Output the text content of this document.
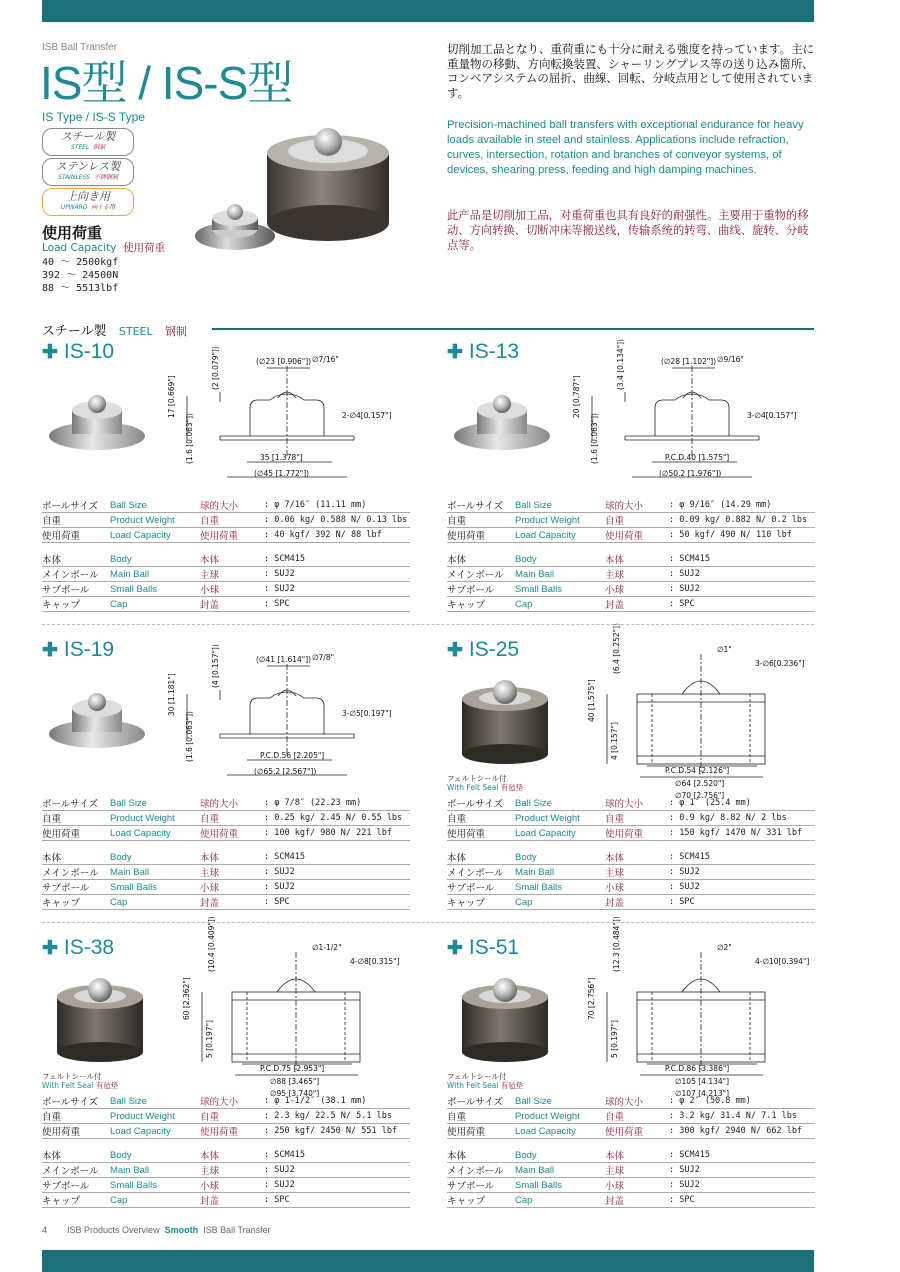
ISB Ball Transfer
IS型 / IS-S型
IS Type / IS-S Type
スチール製
STEEL 钢制
ステンレス製
STAINLESS 不锈钢制
上向き用
UPWARD 向上专用
使用荷重
Load Capacity 使用荷重
40 ～ 2500kgf
392 ～ 24500N
88 ～ 5513lbf
切削加工品となり、重荷重にも十分に耐える強度を持っています。主に重量物の移動、方向転換装置、シャーリングプレス等の送り込み箇所、コンベアシステムの屈折、曲線、回転、分岐点用として使用されています。
Precision-machined ball transfers with exceptional endurance for heavy loads available in steel and stainless. Applications include refraction, curves, intersection, rotation and branches of conveyor systems, of devices, shearing press, feeding and high damping machines.
此产品是切削加工品，对重荷重也具有良好的耐强性。主要用于重物的移动、方向转换、切断冲床等搬送线，传输系统的转弯、曲线、旋转、分岐点等。
スチール製 STEEL 钢制
✚ IS-10	(∅23 [0.906"]) ∅7/16"
2-∅4[0.157"]
17 [0.669"]
(2 [0.079"])
(1.6 [0.063"])	35 [1.378"]
(∅45 [1.772"])
ボールサイズ	Ball Size	球的大小	: φ 7/16″ (11.11 mm)
自重	Product Weight	自重	: 0.06 kg/ 0.588 N/ 0.13 lbs
使用荷重	Load Capacity	使用荷重	: 40 kgf/ 392 N/ 88 lbf
本体	Body	本体	: SCM415
メインボール	Main Ball	主球	: SUJ2
サブボール	Small Balls	小球	: SUJ2
キャップ	Cap	封盖	: SPC
✚ IS-13	(∅28 [1.102"]) ∅9/16"
3-∅4[0.157"]
20 [0.787"]
(3.4 [0.134"])
(1.6 [0.063"])	P.C.D.40 [1.575"]
(∅50.2 [1.976"])
ボールサイズ	Ball Size	球的大小	: φ 9/16″ (14.29 mm)
自重	Product Weight	自重	: 0.09 kg/ 0.882 N/ 0.2 lbs
使用荷重	Load Capacity	使用荷重	: 50 kgf/ 490 N/ 110 lbf
本体	Body	本体	: SCM415
メインボール	Main Ball	主球	: SUJ2
サブボール	Small Balls	小球	: SUJ2
キャップ	Cap	封盖	: SPC
✚ IS-19	(∅41 [1.614"]) ∅7/8"
3-∅5[0.197"]
30 [1.181"]
(4 [0.157"])
(1.6 [0.063"])	P.C.D.56 [2.205"]
(∅65.2 [2.567"])
ボールサイズ	Ball Size	球的大小	: φ 7/8″ (22.23 mm)
自重	Product Weight	自重	: 0.25 kg/ 2.45 N/ 0.55 lbs
使用荷重	Load Capacity	使用荷重	: 100 kgf/ 980 N/ 221 lbf
本体	Body	本体	: SCM415
メインボール	Main Ball	主球	: SUJ2
サブボール	Small Balls	小球	: SUJ2
キャップ	Cap	封盖	: SPC
✚ IS-25	∅1"
3-∅6[0.236"]
40 [1.575"]
(6.4 [0.252"])
4 [0.157"]
P.C.D.54 [2.126"]
∅64 [2.520"]
∅70 [2.756"]
フェルトシール付
With Felt Seal 有毡垫
ボールサイズ	Ball Size	球的大小	: φ 1″ (25.4 mm)
自重	Product Weight	自重	: 0.9 kg/ 8.82 N/ 2 lbs
使用荷重	Load Capacity	使用荷重	: 150 kgf/ 1470 N/ 331 lbf
本体	Body	本体	: SCM415
メインボール	Main Ball	主球	: SUJ2
サブボール	Small Balls	小球	: SUJ2
キャップ	Cap	封盖	: SPC
✚ IS-38	∅1-1/2"
4-∅8[0.315"]
60 [2.362"]
(10.4 [0.409"])
5 [0.197"]
P.C.D.75 [2.953"]
∅88 [3.465"]
∅95 [3.740"]
フェルトシール付
With Felt Seal 有毡垫
ボールサイズ	Ball Size	球的大小	: φ 1-1/2″ (38.1 mm)
自重	Product Weight	自重	: 2.3 kg/ 22.5 N/ 5.1 lbs
使用荷重	Load Capacity	使用荷重	: 250 kgf/ 2450 N/ 551 lbf
本体	Body	本体	: SCM415
メインボール	Main Ball	主球	: SUJ2
サブボール	Small Balls	小球	: SUJ2
キャップ	Cap	封盖	: SPC
✚ IS-51	∅2"
4-∅10[0.394"]
70 [2.756"]
(12.3 [0.484"])
5 [0.197"]
P.C.D.86 [3.386"]
∅105 [4.134"]
∅107 [4.213"]
フェルトシール付
With Felt Seal 有毡垫
ボールサイズ	Ball Size	球的大小	: φ 2″ (50.8 mm)
自重	Product Weight	自重	: 3.2 kg/ 31.4 N/ 7.1 lbs
使用荷重	Load Capacity	使用荷重	: 300 kgf/ 2940 N/ 662 lbf
本体	Body	本体	: SCM415
メインボール	Main Ball	主球	: SUJ2
サブボール	Small Balls	小球	: SUJ2
キャップ	Cap	封盖	: SPC
4 ISB Products Overview Smooth ISB Ball Transfer
